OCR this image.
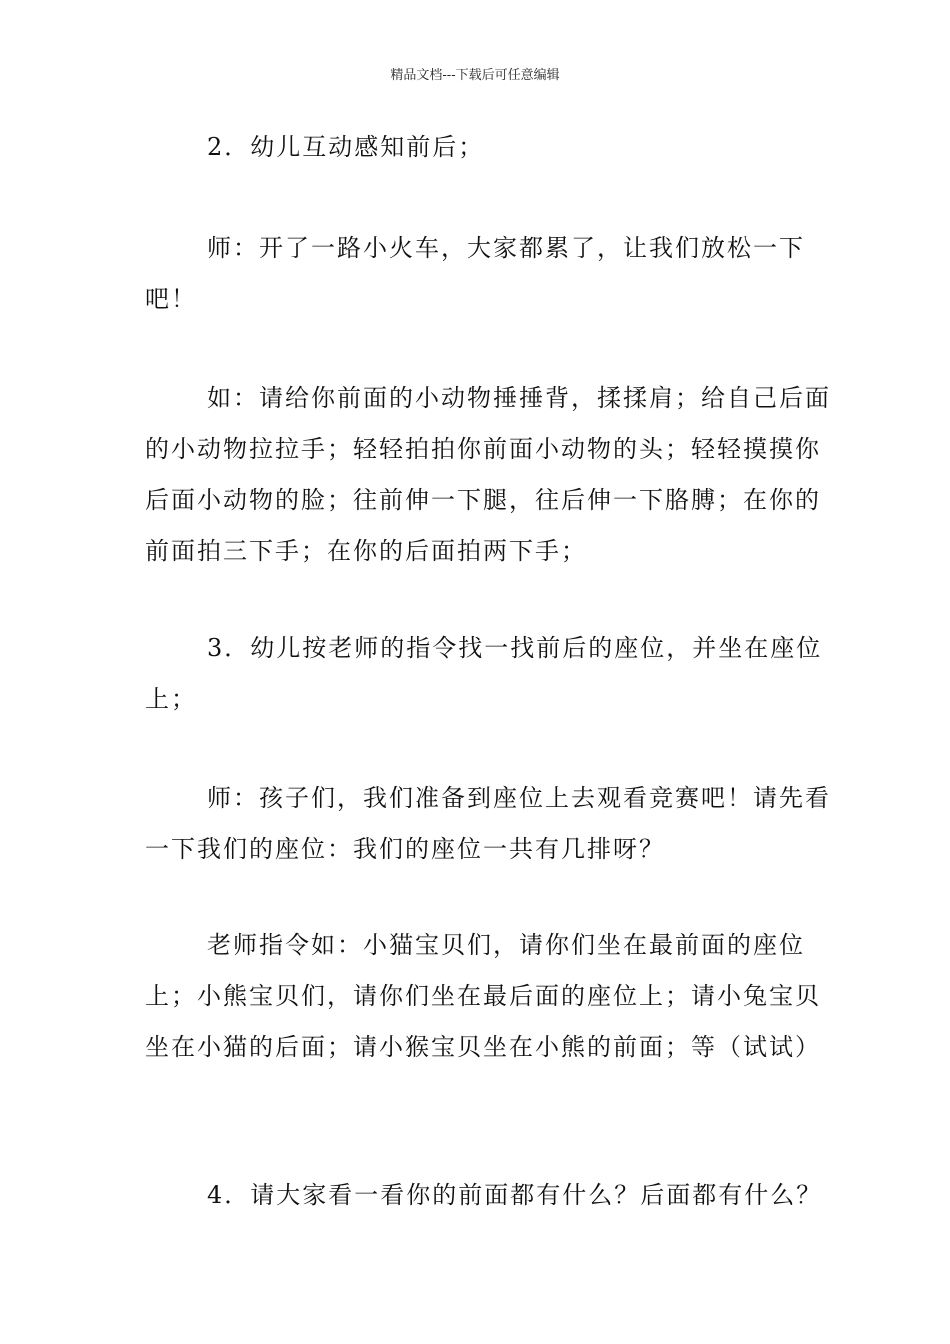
精品文档---下载后可任意编辑

2．幼儿互动感知前后；

师：开了一路小火车，大家都累了，让我们放松一下吧！

如：请给你前面的小动物捶捶背，揉揉肩；给自己后面的小动物拉拉手；轻轻拍拍你前面小动物的头；轻轻摸摸你后面小动物的脸；往前伸一下腿，往后伸一下胳膊；在你的前面拍三下手；在你的后面拍两下手；

3．幼儿按老师的指令找一找前后的座位，并坐在座位上；

师：孩子们，我们准备到座位上去观看竞赛吧！请先看一下我们的座位：我们的座位一共有几排呀？

老师指令如：小猫宝贝们，请你们坐在最前面的座位上；小熊宝贝们，请你们坐在最后面的座位上；请小兔宝贝坐在小猫的后面；请小猴宝贝坐在小熊的前面；等（试试）

4．请大家看一看你的前面都有什么？后面都有什么？
